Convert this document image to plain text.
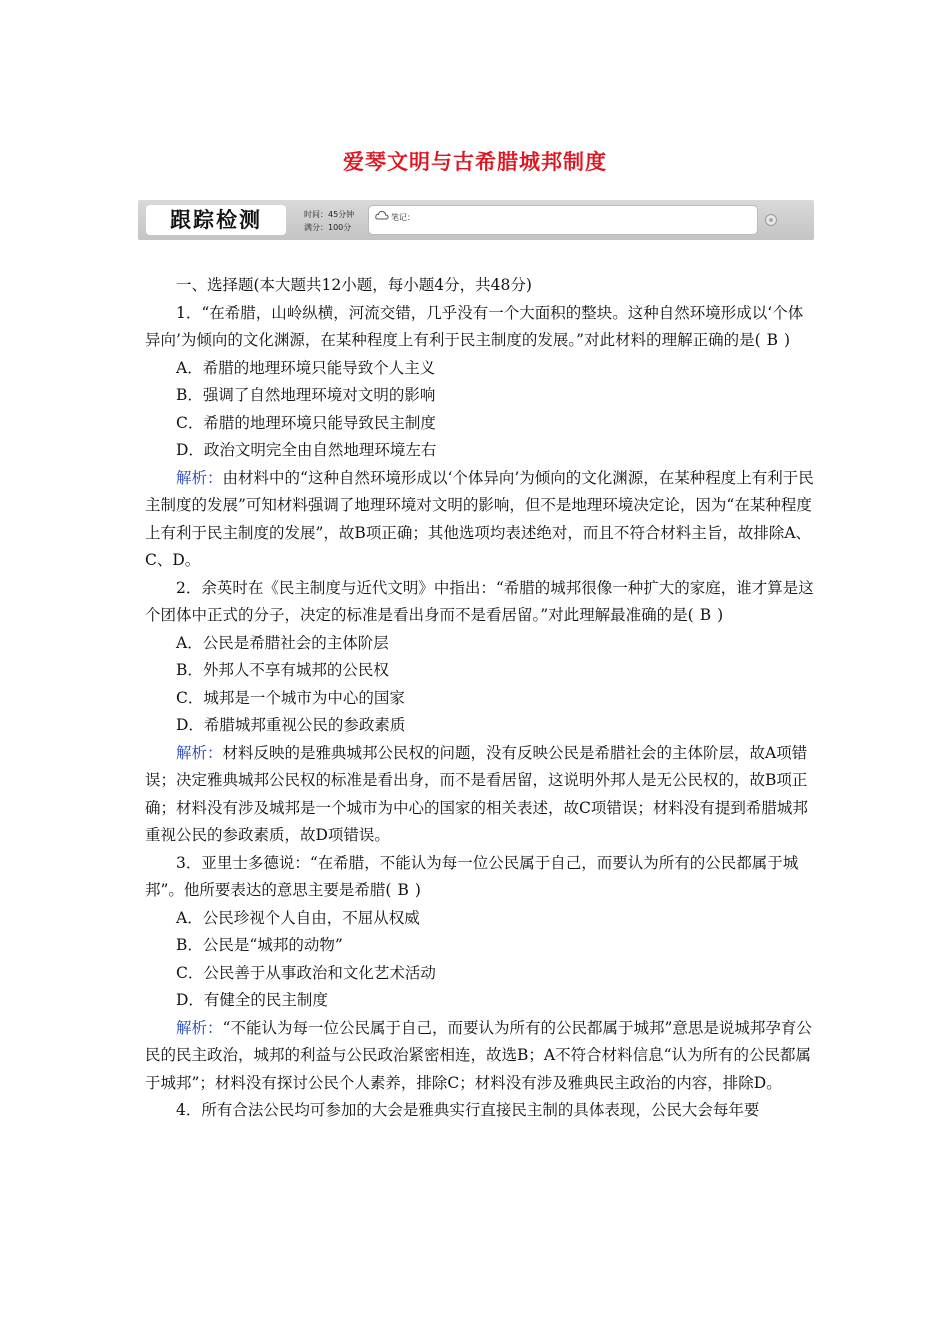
爱琴文明与古希腊城邦制度
跟踪检测	时间：45分钟
满分：100分
笔记：

一、选择题(本大题共12小题，每小题4分，共48分)

1．“在希腊，山岭纵横，河流交错，几乎没有一个大面积的整块。这种自然环境形成以‘个体异向’为倾向的文化渊源，在某种程度上有利于民主制度的发展。”对此材料的理解正确的是( B )

A．希腊的地理环境只能导致个人主义

B．强调了自然地理环境对文明的影响

C．希腊的地理环境只能导致民主制度

D．政治文明完全由自然地理环境左右

解析：由材料中的“这种自然环境形成以‘个体异向’为倾向的文化渊源，在某种程度上有利于民主制度的发展”可知材料强调了地理环境对文明的影响，但不是地理环境决定论，因为“在某种程度上有利于民主制度的发展”，故B项正确；其他选项均表述绝对，而且不符合材料主旨，故排除A、C、D。

2．余英时在《民主制度与近代文明》中指出：“希腊的城邦很像一种扩大的家庭，谁才算是这个团体中正式的分子，决定的标准是看出身而不是看居留。”对此理解最准确的是( B )

A．公民是希腊社会的主体阶层

B．外邦人不享有城邦的公民权

C．城邦是一个城市为中心的国家

D．希腊城邦重视公民的参政素质

解析：材料反映的是雅典城邦公民权的问题，没有反映公民是希腊社会的主体阶层，故A项错误；决定雅典城邦公民权的标准是看出身，而不是看居留，这说明外邦人是无公民权的，故B项正确；材料没有涉及城邦是一个城市为中心的国家的相关表述，故C项错误；材料没有提到希腊城邦重视公民的参政素质，故D项错误。

3．亚里士多德说：“在希腊，不能认为每一位公民属于自己，而要认为所有的公民都属于城邦”。他所要表达的意思主要是希腊( B )

A．公民珍视个人自由，不屈从权威

B．公民是“城邦的动物”

C．公民善于从事政治和文化艺术活动

D．有健全的民主制度

解析：“不能认为每一位公民属于自己，而要认为所有的公民都属于城邦”意思是说城邦孕育公民的民主政治，城邦的利益与公民政治紧密相连，故选B；A不符合材料信息“认为所有的公民都属于城邦”；材料没有探讨公民个人素养，排除C；材料没有涉及雅典民主政治的内容，排除D。

4．所有合法公民均可参加的大会是雅典实行直接民主制的具体表现，公民大会每年要
